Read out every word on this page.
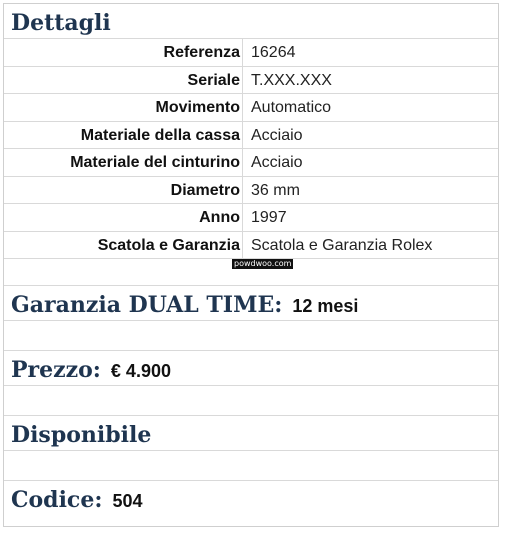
Dettagli
Referenza 16264
Seriale T.XXX.XXX
Movimento Automatico
Materiale della cassa Acciaio
Materiale del cinturino Acciaio
Diametro 36 mm
Anno 1997
Scatola e Garanzia Scatola e Garanzia Rolex
powdwoo.com
Garanzia DUAL TIME: 12 mesi
Prezzo: € 4.900
Disponibile
Codice: 504
